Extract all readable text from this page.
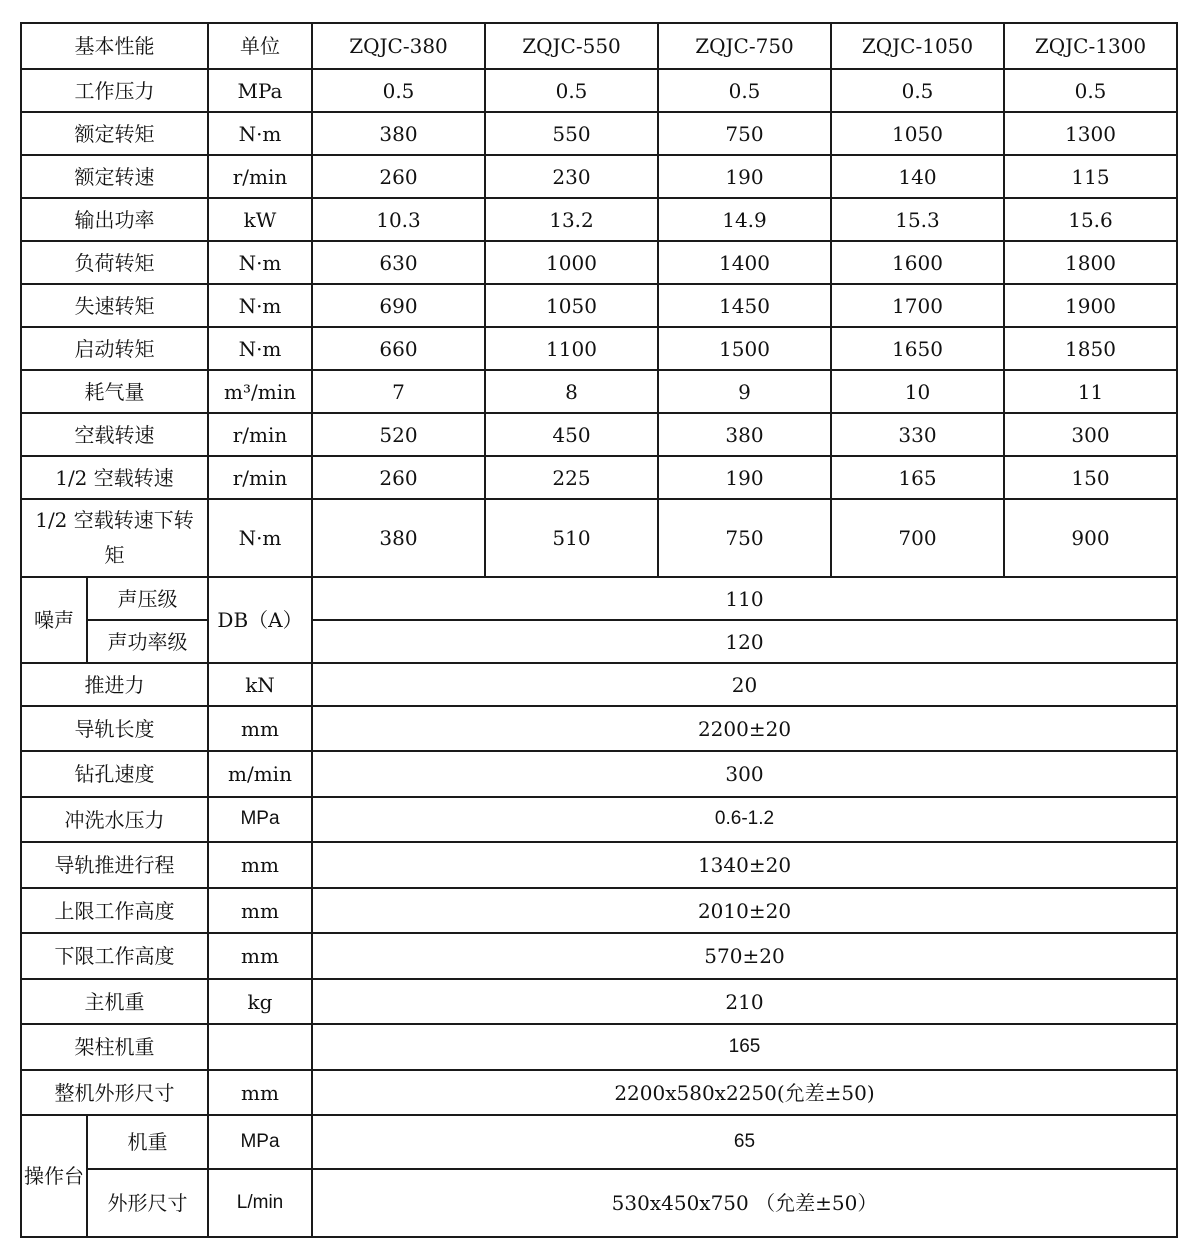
基本性能		单位	ZQJC-380	ZQJC-550	ZQJC-750	ZQJC-1050	ZQJC-1300
工作压力		MPa	0.5	0.5	0.5	0.5	0.5
额定转矩		N·m	380	550	750	1050	1300
额定转速		r/min	260	230	190	140	115
输出功率		kW	10.3	13.2	14.9	15.3	15.6
负荷转矩		N·m	630	1000	1400	1600	1800
失速转矩		N·m	690	1050	1450	1700	1900
启动转矩		N·m	660	1100	1500	1650	1850
耗气量		m³/min	7	8	9	10	11
空载转速		r/min	520	450	380	330	300
1/2 空载转速		r/min	260	225	190	165	150
1/2 空载转速下转矩		N·m	380	510	750	700	900
噪声	声压级	DB（A）	110				
	声功率级		120				
推进力		kN	20				
导轨长度		mm	2200±20				
钻孔速度		m/min	300				
冲洗水压力		MPa	0.6-1.2				
导轨推进行程		mm	1340±20				
上限工作高度		mm	2010±20				
下限工作高度		mm	570±20				
主机重		kg	210				
架柱机重			165				
整机外形尺寸		mm	2200x580x2250(允差±50)				
操作台	机重	MPa	65				
	外形尺寸	L/min	530x450x750 （允差±50）				
